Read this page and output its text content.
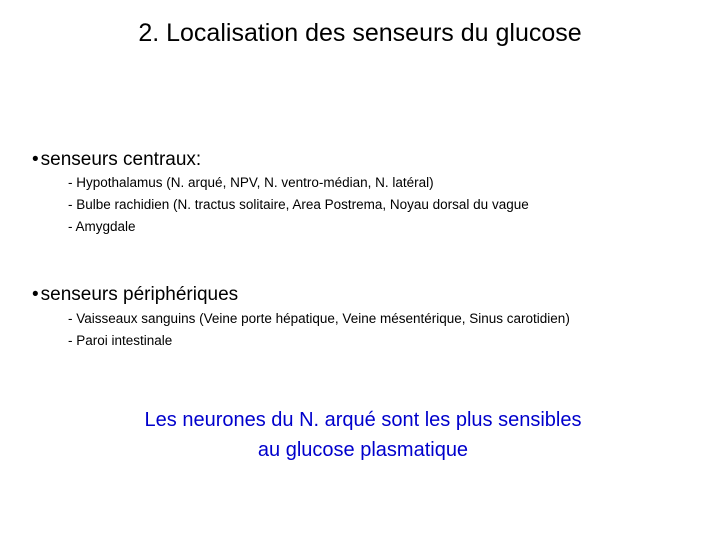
2. Localisation des senseurs du glucose
• senseurs centraux:
- Hypothalamus (N. arqué, NPV, N. ventro-médian, N. latéral)
- Bulbe rachidien (N. tractus solitaire, Area Postrema, Noyau dorsal du vague
- Amygdale
• senseurs périphériques
- Vaisseaux sanguins (Veine porte hépatique, Veine mésentérique, Sinus carotidien)
- Paroi intestinale
Les neurones du N. arqué sont les plus sensibles
au glucose plasmatique
